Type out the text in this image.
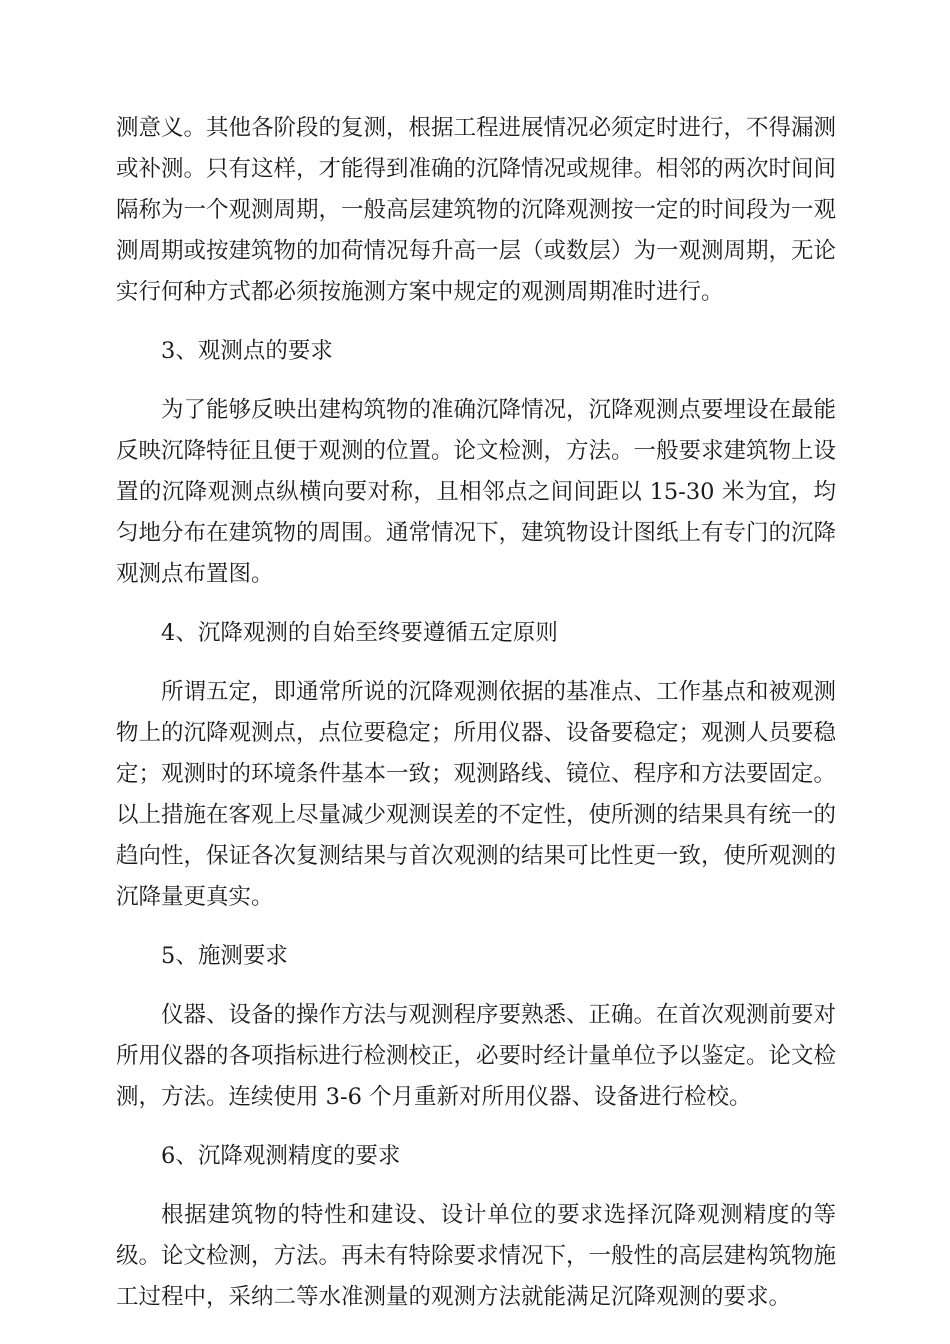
测意义。其他各阶段的复测，根据工程进展情况必须定时进行，不得漏测或补测。只有这样，才能得到准确的沉降情况或规律。相邻的两次时间间隔称为一个观测周期，一般高层建筑物的沉降观测按一定的时间段为一观测周期或按建筑物的加荷情况每升高一层（或数层）为一观测周期，无论实行何种方式都必须按施测方案中规定的观测周期准时进行。

3、观测点的要求

为了能够反映出建构筑物的准确沉降情况，沉降观测点要埋设在最能反映沉降特征且便于观测的位置。论文检测，方法。一般要求建筑物上设置的沉降观测点纵横向要对称，且相邻点之间间距以 15-30 米为宜，均匀地分布在建筑物的周围。通常情况下，建筑物设计图纸上有专门的沉降观测点布置图。

4、沉降观测的自始至终要遵循五定原则

所谓五定，即通常所说的沉降观测依据的基准点、工作基点和被观测物上的沉降观测点，点位要稳定；所用仪器、设备要稳定；观测人员要稳定；观测时的环境条件基本一致；观测路线、镜位、程序和方法要固定。以上措施在客观上尽量减少观测误差的不定性，使所测的结果具有统一的趋向性，保证各次复测结果与首次观测的结果可比性更一致，使所观测的沉降量更真实。

5、施测要求

仪器、设备的操作方法与观测程序要熟悉、正确。在首次观测前要对所用仪器的各项指标进行检测校正，必要时经计量单位予以鉴定。论文检测，方法。连续使用 3-6 个月重新对所用仪器、设备进行检校。

6、沉降观测精度的要求

根据建筑物的特性和建设、设计单位的要求选择沉降观测精度的等级。论文检测，方法。再未有特除要求情况下，一般性的高层建构筑物施工过程中，采纳二等水准测量的观测方法就能满足沉降观测的要求。
